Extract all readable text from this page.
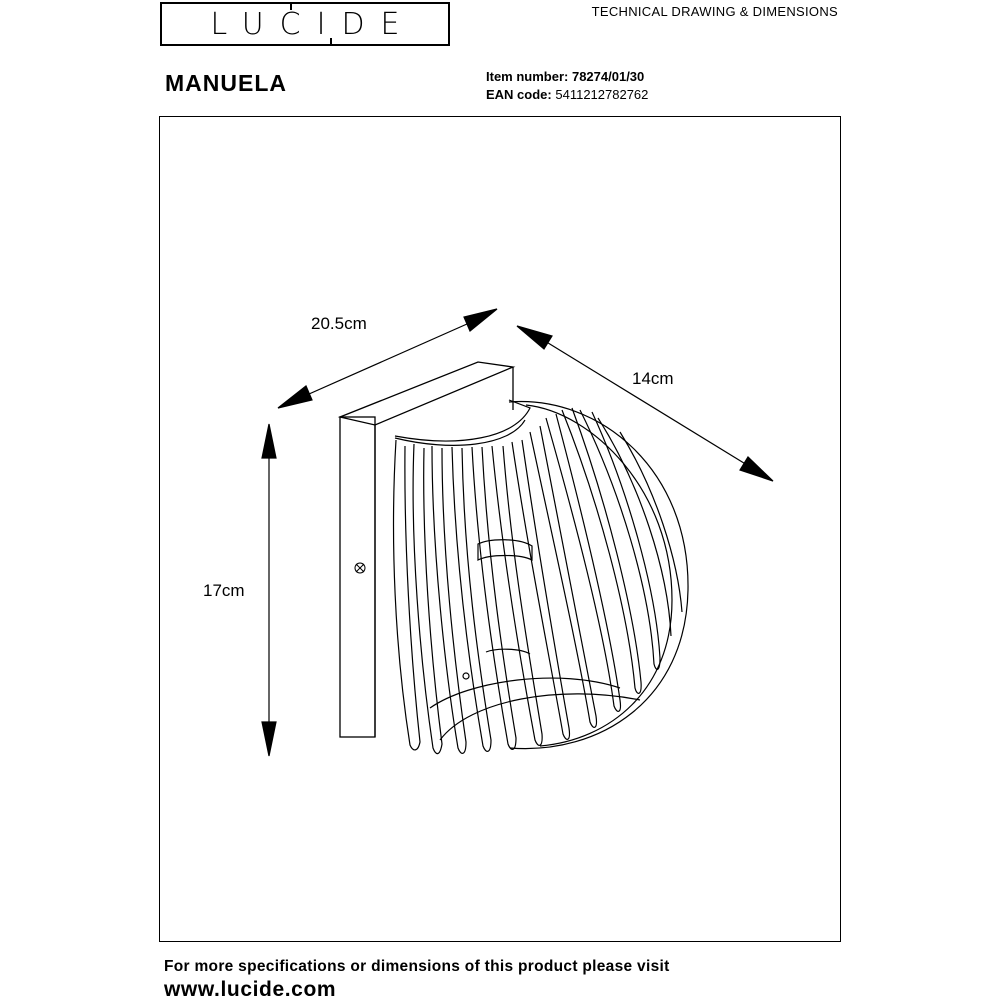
LUCIDE	TECHNICAL DRAWING & DIMENSIONS
MANUELA	Item number: 78274/01/30
EAN code: 5411212782762
20.5cm
14cm
17cm
For more specifications or dimensions of this product please visit
www.lucide.com
